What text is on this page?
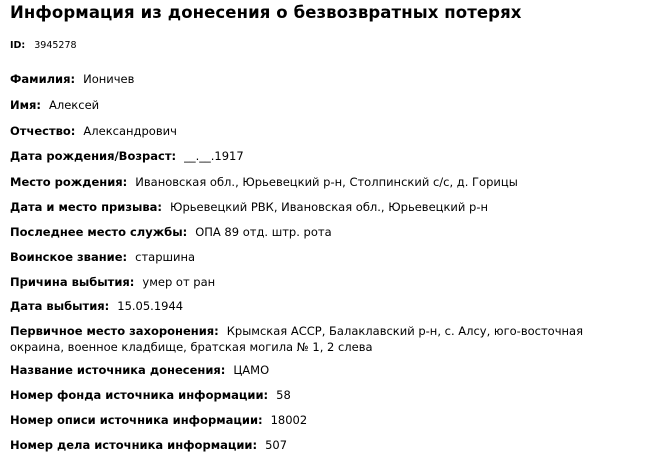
Информация из донесения о безвозвратных потерях
ID: 3945278
Фамилия: Ионичев
Имя: Алексей
Отчество: Александрович
Дата рождения/Возраст: __.__.1917
Место рождения: Ивановская обл., Юрьевецкий р-н, Столпинский с/с, д. Горицы
Дата и место призыва: Юрьевецкий РВК, Ивановская обл., Юрьевецкий р-н
Последнее место службы: ОПА 89 отд. штр. рота
Воинское звание: старшина
Причина выбытия: умер от ран
Дата выбытия: 15.05.1944
Первичное место захоронения: Крымская АССР, Балаклавский р-н, с. Алсу, юго-восточная окраина, военное кладбище, братская могила № 1, 2 слева
Название источника донесения: ЦАМО
Номер фонда источника информации: 58
Номер описи источника информации: 18002
Номер дела источника информации: 507
